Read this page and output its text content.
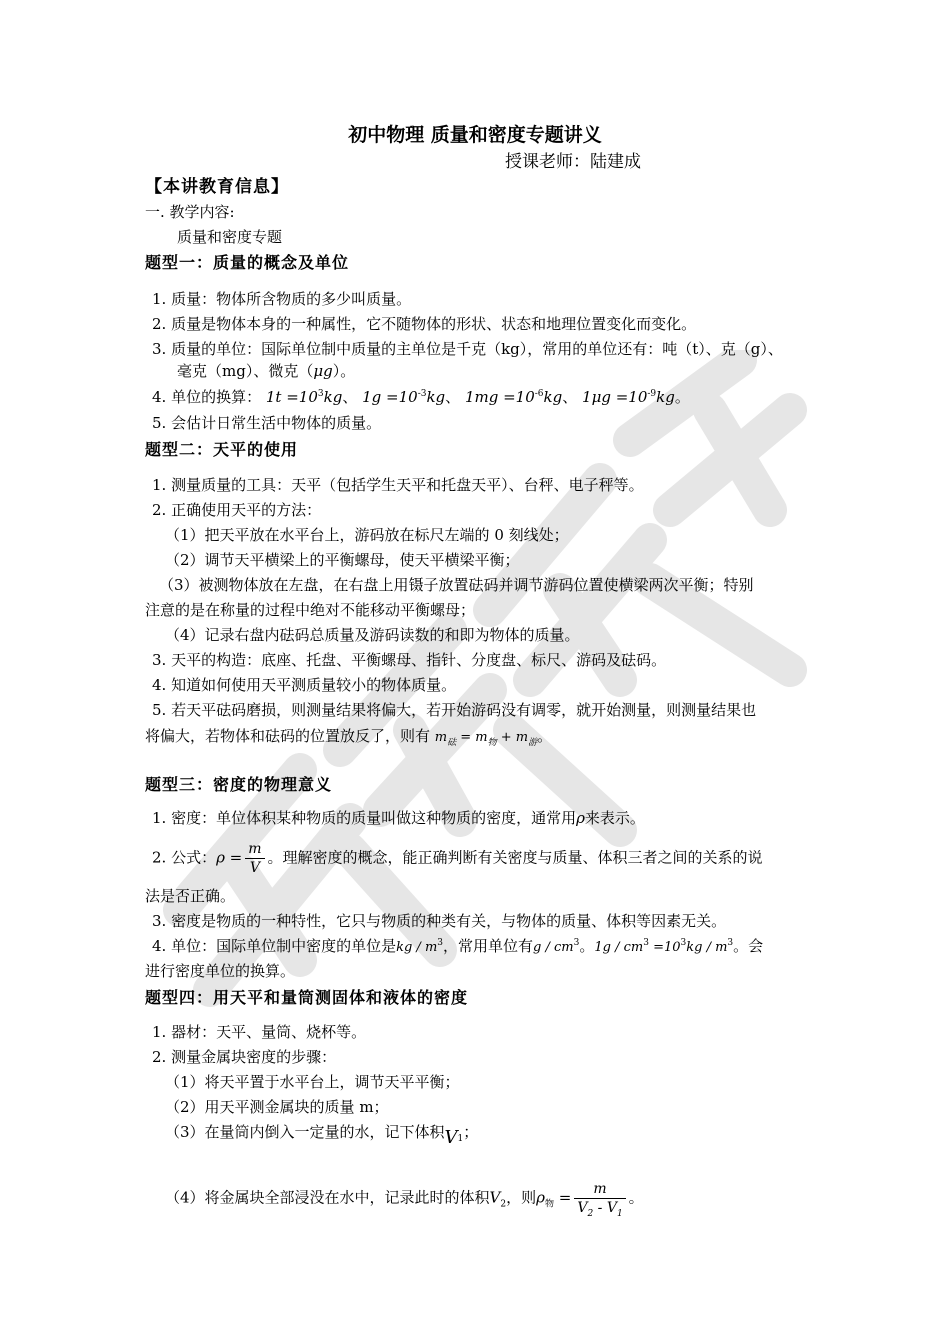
初中物理 质量和密度专题讲义
授课老师：陆建成
【本讲教育信息】
一. 教学内容:
质量和密度专题
题型一：质量的概念及单位
1. 质量：物体所含物质的多少叫质量。
2. 质量是物体本身的一种属性，它不随物体的形状、状态和地理位置变化而变化。
3. 质量的单位：国际单位制中质量的主单位是千克（kg），常用的单位还有：吨（t）、克（g）、
毫克（mg）、微克（μg）。
4. 单位的换算： $1t =10^3kg$、 $1g =10^{-3}kg$、 $1mg =10^{-6}kg$、 $1\mu g =10^{-9}kg$。
5. 会估计日常生活中物体的质量。
题型二：天平的使用
1. 测量质量的工具：天平（包括学生天平和托盘天平）、台秤、电子秤等。
2. 正确使用天平的方法：
（1）把天平放在水平台上，游码放在标尺左端的 0 刻线处；
（2）调节天平横梁上的平衡螺母，使天平横梁平衡；
（3）被测物体放在左盘，在右盘上用镊子放置砝码并调节游码位置使横梁两次平衡；特别
注意的是在称量的过程中绝对不能移动平衡螺母；
（4）记录右盘内砝码总质量及游码读数的和即为物体的质量。
3. 天平的构造：底座、托盘、平衡螺母、指针、分度盘、标尺、游码及砝码。
4. 知道如何使用天平测质量较小的物体质量。
5. 若天平砝码磨损，则测量结果将偏大，若开始游码没有调零，就开始测量，则测量结果也
将偏大，若物体和砝码的位置放反了，则有 $m_砝 = m_物 + m_游$。
题型三：密度的物理意义
1. 密度：单位体积某种物质的质量叫做这种物质的密度，通常用ρ来表示。
2. 公式：$\rho = \frac{m}{V}$ 。理解密度的概念，能正确判断有关密度与质量、体积三者之间的关系的说
法是否正确。
3. 密度是物质的一种特性，它只与物质的种类有关，与物体的质量、体积等因素无关。
4. 单位：国际单位制中密度的单位是kg / $m^3$，常用单位有g / $cm^3$。$1g / cm^3 =10^3kg / m^3$。会
进行密度单位的换算。
题型四：用天平和量筒测固体和液体的密度
1. 器材：天平、量筒、烧杯等。
2. 测量金属块密度的步骤：
（1）将天平置于水平台上，调节天平平衡；
（2）用天平测金属块的质量 m；
（3）在量筒内倒入一定量的水，记下体积$V_1$；
（4）将金属块全部浸没在水中，记录此时的体积$V_2$，则$\rho_物 = \frac{m}{V_2 - V_1}$ 。
